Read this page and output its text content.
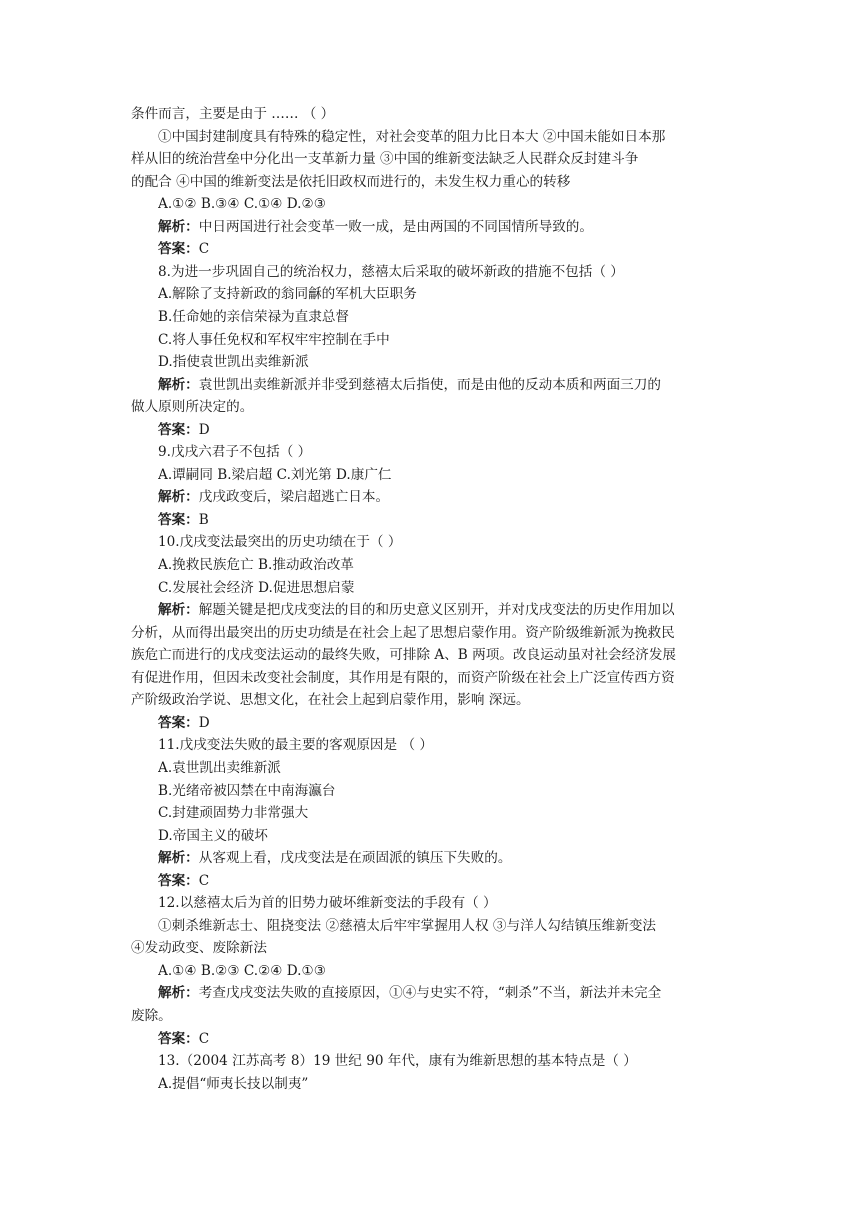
条件而言，主要是由于 …… （ ）
①中国封建制度具有特殊的稳定性，对社会变革的阻力比日本大 ②中国未能如日本那
样从旧的统治营垒中分化出一支革新力量 ③中国的维新变法缺乏人民群众反封建斗争
的配合 ④中国的维新变法是依托旧政权而进行的，未发生权力重心的转移
A.①② B.③④ C.①④ D.②③
解析：中日两国进行社会变革一败一成，是由两国的不同国情所导致的。
答案：C
8.为进一步巩固自己的统治权力，慈禧太后采取的破坏新政的措施不包括（ ）
A.解除了支持新政的翁同龢的军机大臣职务
B.任命她的亲信荣禄为直隶总督
C.将人事任免权和军权牢牢控制在手中
D.指使袁世凯出卖维新派
解析：袁世凯出卖维新派并非受到慈禧太后指使，而是由他的反动本质和两面三刀的
做人原则所决定的。
答案：D
9.戊戌六君子不包括（ ）
A.谭嗣同 B.梁启超 C.刘光第 D.康广仁
解析：戊戌政变后，梁启超逃亡日本。
答案：B
10.戊戌变法最突出的历史功绩在于（ ）
A.挽救民族危亡 B.推动政治改革
C.发展社会经济 D.促进思想启蒙
解析：解题关键是把戊戌变法的目的和历史意义区别开，并对戊戌变法的历史作用加以
分析，从而得出最突出的历史功绩是在社会上起了思想启蒙作用。资产阶级维新派为挽救民
族危亡而进行的戊戌变法运动的最终失败，可排除 A、B 两项。改良运动虽对社会经济发展
有促进作用，但因未改变社会制度，其作用是有限的，而资产阶级在社会上广泛宣传西方资
产阶级政治学说、思想文化，在社会上起到启蒙作用，影响 深远。
答案：D
11.戊戌变法失败的最主要的客观原因是 （ ）
A.袁世凯出卖维新派
B.光绪帝被囚禁在中南海瀛台
C.封建顽固势力非常强大
D.帝国主义的破坏
解析：从客观上看，戊戌变法是在顽固派的镇压下失败的。
答案：C
12.以慈禧太后为首的旧势力破坏维新变法的手段有（ ）
①刺杀维新志士、阻挠变法 ②慈禧太后牢牢掌握用人权 ③与洋人勾结镇压维新变法
④发动政变、废除新法
A.①④ B.②③ C.②④ D.①③
解析：考查戊戌变法失败的直接原因，①④与史实不符，“刺杀”不当，新法并未完全
废除。
答案：C
13.（2004 江苏高考 8）19 世纪 90 年代，康有为维新思想的基本特点是（ ）
A.提倡“师夷长技以制夷”
